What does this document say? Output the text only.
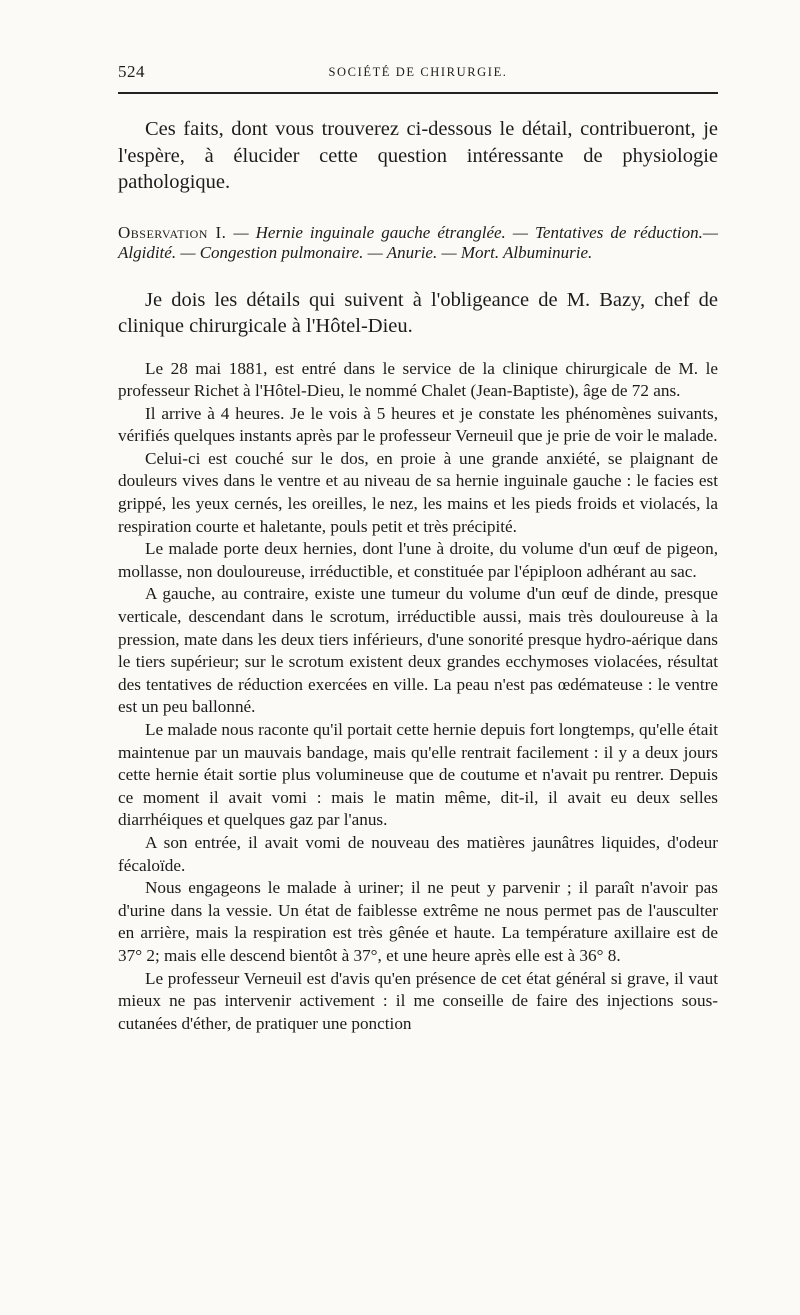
524	SOCIÉTÉ DE CHIRURGIE.

Ces faits, dont vous trouverez ci-dessous le détail, contribueront, je l'espère, à élucider cette question intéressante de physiologie pathologique.

Observation I. — Hernie inguinale gauche étranglée. — Tentatives de réduction.— Algidité. — Congestion pulmonaire. — Anurie. — Mort. Albuminurie.

Je dois les détails qui suivent à l'obligeance de M. Bazy, chef de clinique chirurgicale à l'Hôtel-Dieu.

Le 28 mai 1881, est entré dans le service de la clinique chirurgicale de M. le professeur Richet à l'Hôtel-Dieu, le nommé Chalet (Jean-Baptiste), âge de 72 ans.

Il arrive à 4 heures. Je le vois à 5 heures et je constate les phénomènes suivants, vérifiés quelques instants après par le professeur Verneuil que je prie de voir le malade.

Celui-ci est couché sur le dos, en proie à une grande anxiété, se plaignant de douleurs vives dans le ventre et au niveau de sa hernie inguinale gauche : le facies est grippé, les yeux cernés, les oreilles, le nez, les mains et les pieds froids et violacés, la respiration courte et haletante, pouls petit et très précipité.

Le malade porte deux hernies, dont l'une à droite, du volume d'un œuf de pigeon, mollasse, non douloureuse, irréductible, et constituée par l'épiploon adhérant au sac.

A gauche, au contraire, existe une tumeur du volume d'un œuf de dinde, presque verticale, descendant dans le scrotum, irréductible aussi, mais très douloureuse à la pression, mate dans les deux tiers inférieurs, d'une sonorité presque hydro-aérique dans le tiers supérieur; sur le scrotum existent deux grandes ecchymoses violacées, résultat des tentatives de réduction exercées en ville. La peau n'est pas œdémateuse : le ventre est un peu ballonné.

Le malade nous raconte qu'il portait cette hernie depuis fort longtemps, qu'elle était maintenue par un mauvais bandage, mais qu'elle rentrait facilement : il y a deux jours cette hernie était sortie plus volumineuse que de coutume et n'avait pu rentrer. Depuis ce moment il avait vomi : mais le matin même, dit-il, il avait eu deux selles diarrhéiques et quelques gaz par l'anus.

A son entrée, il avait vomi de nouveau des matières jaunâtres liquides, d'odeur fécaloïde.

Nous engageons le malade à uriner; il ne peut y parvenir ; il paraît n'avoir pas d'urine dans la vessie. Un état de faiblesse extrême ne nous permet pas de l'ausculter en arrière, mais la respiration est très gênée et haute. La température axillaire est de 37° 2; mais elle descend bientôt à 37°, et une heure après elle est à 36° 8.

Le professeur Verneuil est d'avis qu'en présence de cet état général si grave, il vaut mieux ne pas intervenir activement : il me conseille de faire des injections sous-cutanées d'éther, de pratiquer une ponction
